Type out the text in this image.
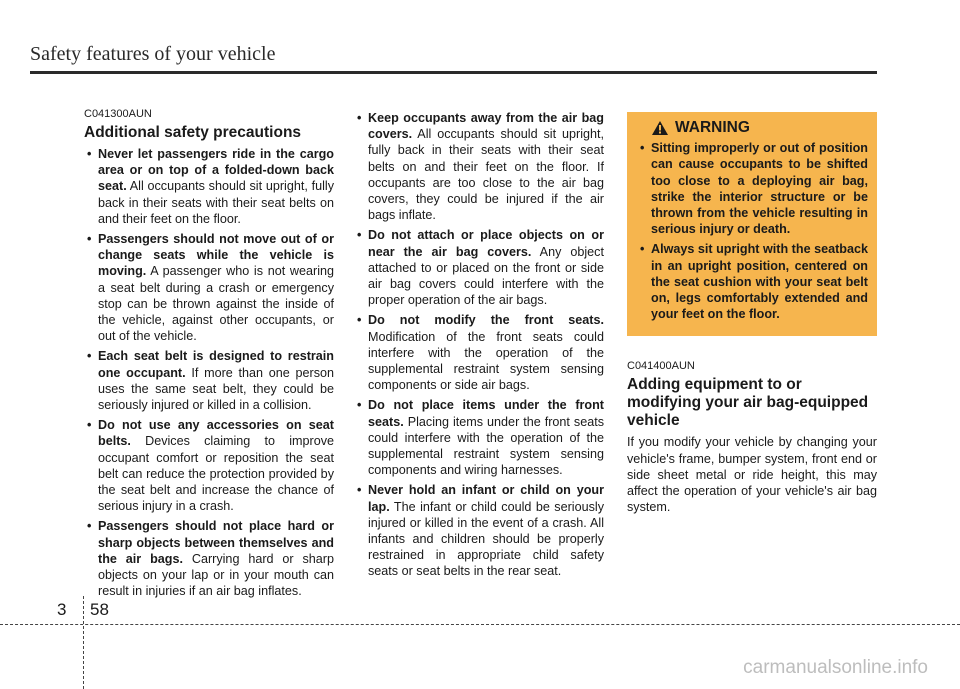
Safety features of your vehicle
C041300AUN
Additional safety precautions
• Never let passengers ride in the cargo area or on top of a folded-down back seat. All occupants should sit upright, fully back in their seats with their seat belts on and their feet on the floor.
• Passengers should not move out of or change seats while the vehicle is moving. A passenger who is not wearing a seat belt during a crash or emergency stop can be thrown against the inside of the vehicle, against other occupants, or out of the vehicle.
• Each seat belt is designed to restrain one occupant. If more than one person uses the same seat belt, they could be seriously injured or killed in a collision.
• Do not use any accessories on seat belts. Devices claiming to improve occupant comfort or reposition the seat belt can reduce the protection provided by the seat belt and increase the chance of serious injury in a crash.
• Passengers should not place hard or sharp objects between themselves and the air bags. Carrying hard or sharp objects on your lap or in your mouth can result in injuries if an air bag inflates.
• Keep occupants away from the air bag covers. All occupants should sit upright, fully back in their seats with their seat belts on and their feet on the floor. If occupants are too close to the air bag covers, they could be injured if the air bags inflate.
• Do not attach or place objects on or near the air bag covers. Any object attached to or placed on the front or side air bag covers could interfere with the proper operation of the air bags.
• Do not modify the front seats. Modification of the front seats could interfere with the operation of the supplemental restraint system sensing components or side air bags.
• Do not place items under the front seats. Placing items under the front seats could interfere with the operation of the supplemental restraint system sensing components and wiring harnesses.
• Never hold an infant or child on your lap. The infant or child could be seriously injured or killed in the event of a crash. All infants and children should be properly restrained in appropriate child safety seats or seat belts in the rear seat.
WARNING
• Sitting improperly or out of position can cause occupants to be shifted too close to a deploying air bag, strike the interior structure or be thrown from the vehicle resulting in serious injury or death.
• Always sit upright with the seatback in an upright position, centered on the seat cushion with your seat belt on, legs comfortably extended and your feet on the floor.
C041400AUN
Adding equipment to or modifying your air bag-equipped vehicle

If you modify your vehicle by changing your vehicle's frame, bumper system, front end or side sheet metal or ride height, this may affect the operation of your vehicle's air bag system.

3 58
carmanualsonline.info
